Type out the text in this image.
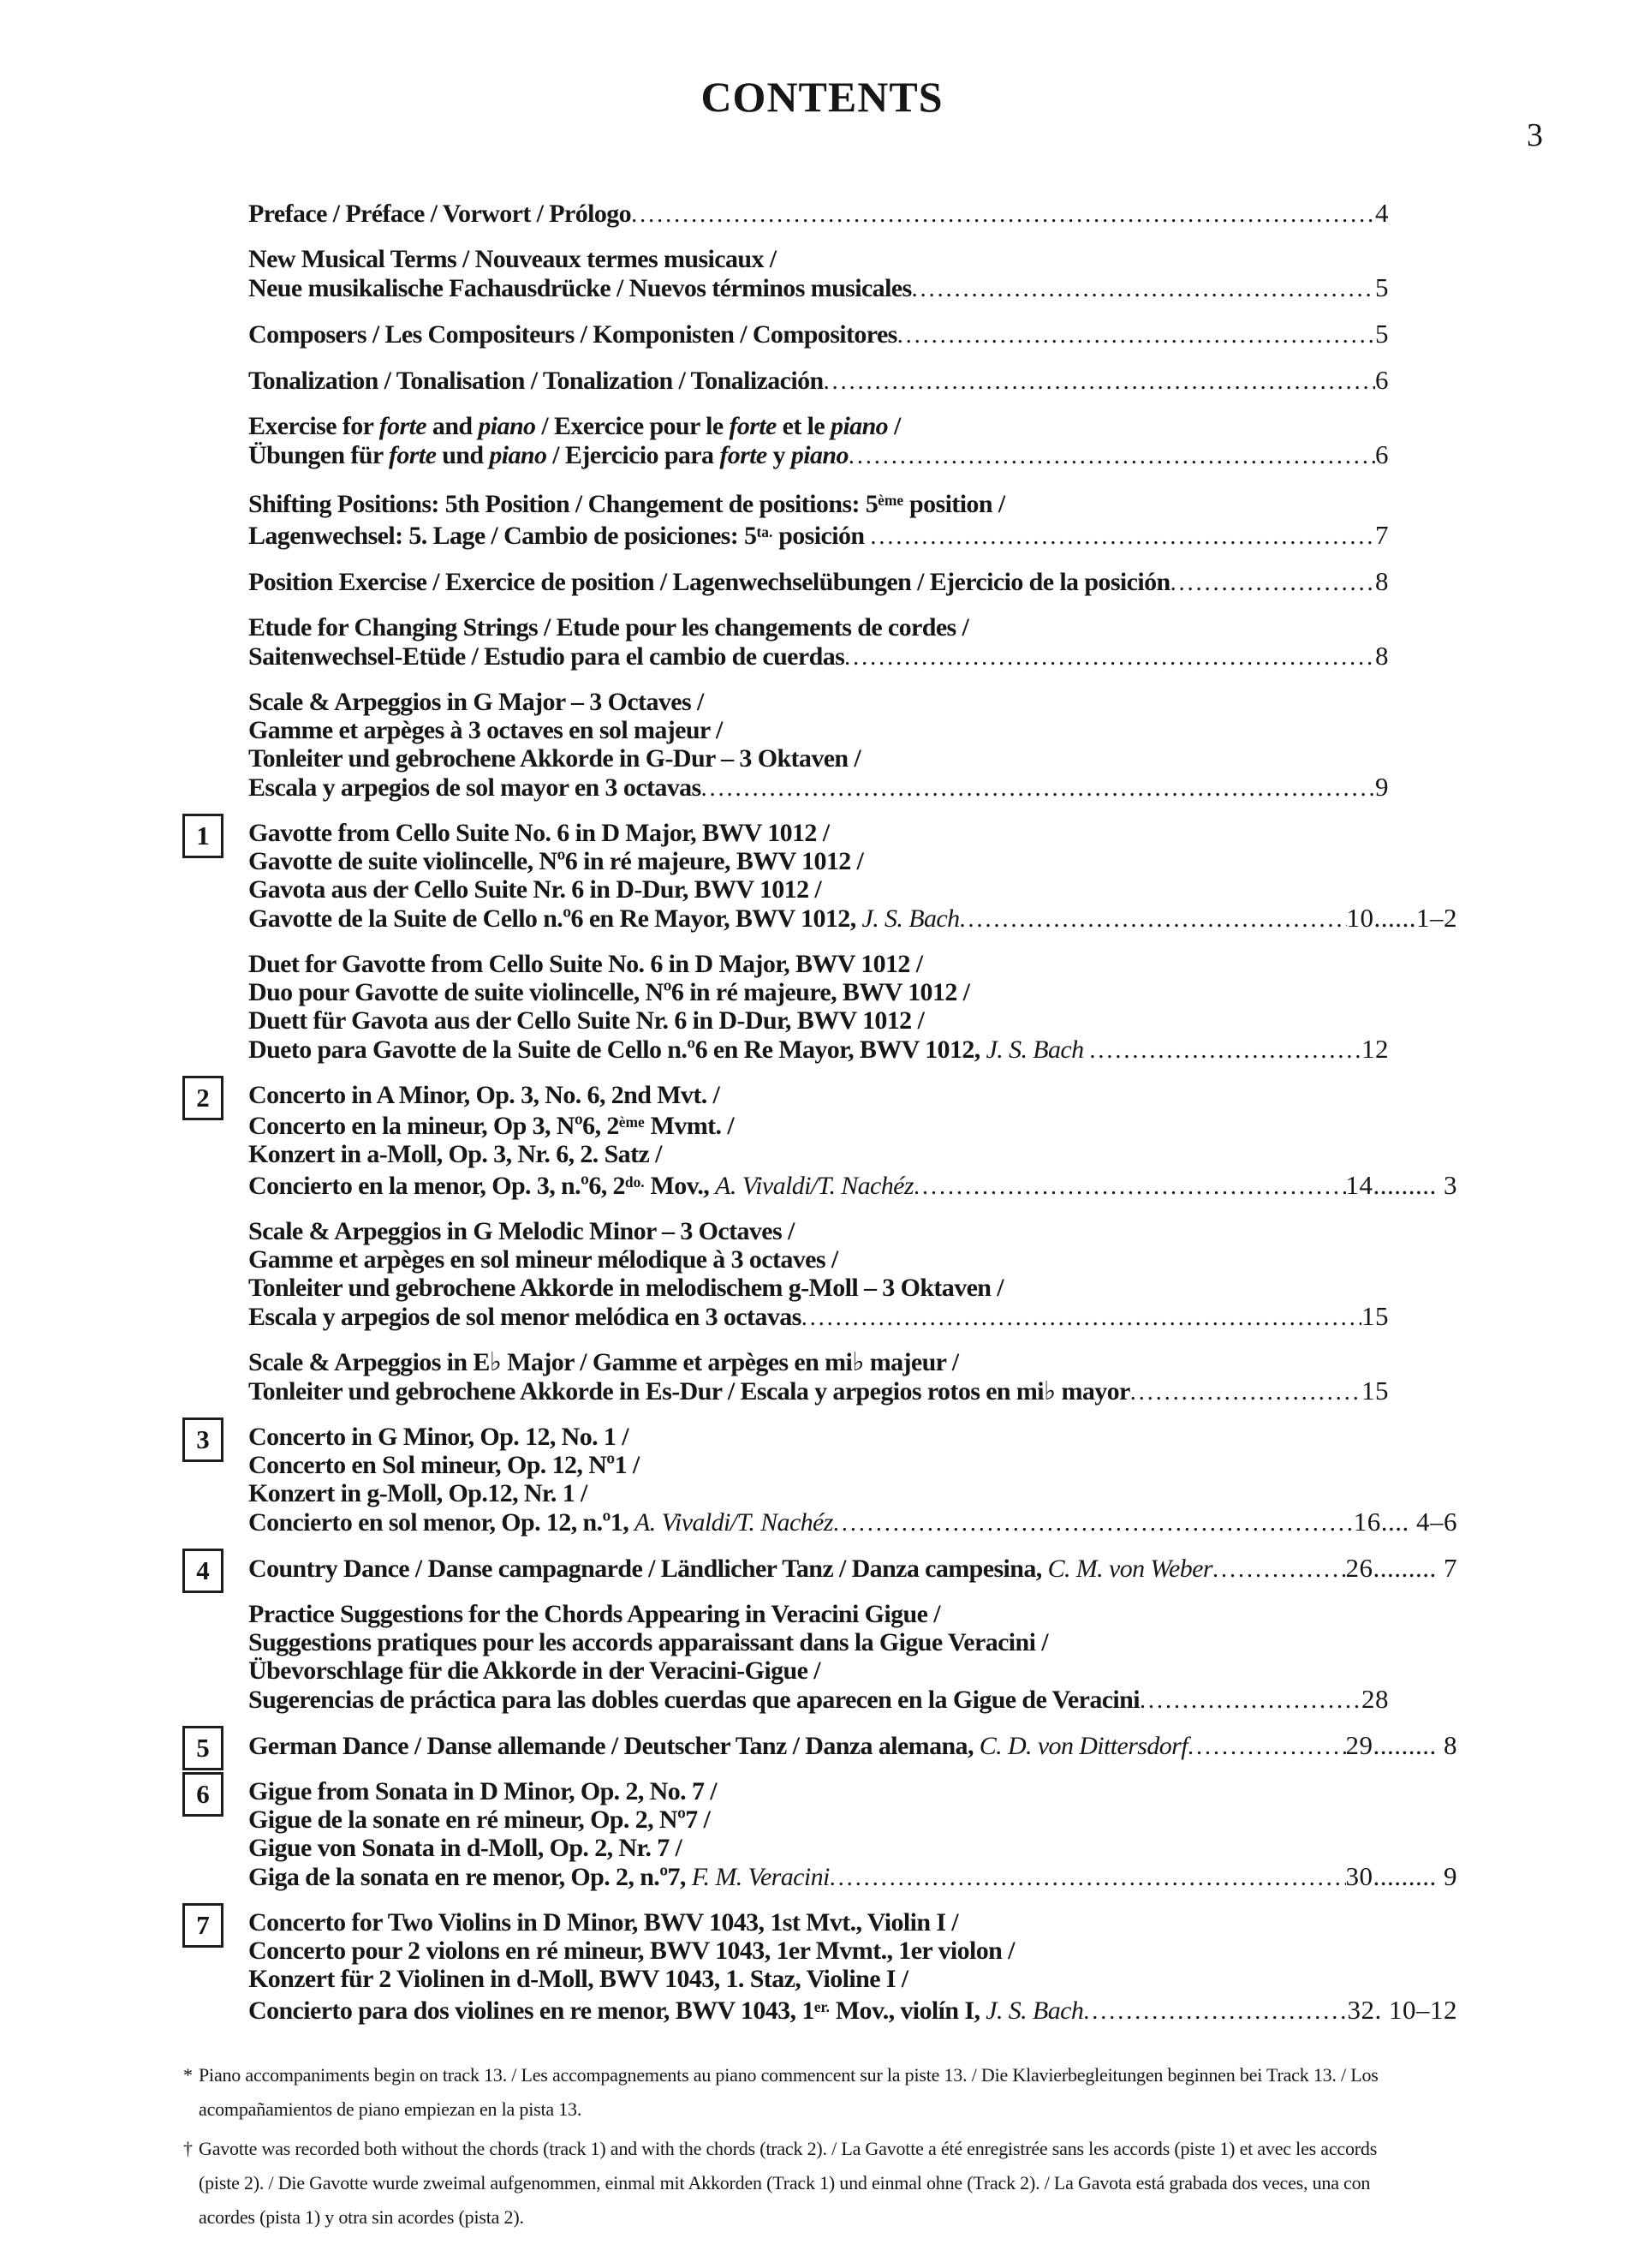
3
CONTENTS
Preface / Préface / Vorwort / Prólogo .....	4
New Musical Terms / Nouveaux termes musicaux /
Neue musikalische Fachausdrücke / Nuevos términos musicales .....	5
Composers / Les Compositeurs / Komponisten / Compositores .....	5
Tonalization / Tonalisation / Tonalization / Tonalización .....	6
Exercise for forte and piano / Exercice pour le forte et le piano /
Übungen für forte und piano / Ejercicio para forte y piano .....	6
Shifting Positions: 5th Position / Changement de positions: 5ème position /
Lagenwechsel: 5. Lage / Cambio de posiciones: $5^{ta.}$ posición .....	7
Position Exercise / Exercice de position / Lagenwechselübungen / Ejercicio de la posición .....	8
Etude for Changing Strings / Etude pour les changements de cordes /
Saitenwechsel-Etüde / Estudio para el cambio de cuerdas .....	8
Scale & Arpeggios in G Major – 3 Octaves /
Gamme et arpèges à 3 octaves en sol majeur /
Tonleiter und gebrochene Akkorde in G-Dur – 3 Oktaven /
Escala y arpegios de sol mayor en 3 octavas .....	9
1	Gavotte from Cello Suite No. 6 in D Major, BWV 1012 /
Gavotte de suite violincelle, Nº6 in ré majeure, BWV 1012 /
Gavota aus der Cello Suite Nr. 6 in D-Dur, BWV 1012 /
Gavotte de la Suite de Cello n.º6 en Re Mayor, BWV 1012, J. S. Bach .....	10......1–2
Duet for Gavotte from Cello Suite No. 6 in D Major, BWV 1012 /
Duo pour Gavotte de suite violincelle, Nº6 in ré majeure, BWV 1012 /
Duett für Gavota aus der Cello Suite Nr. 6 in D-Dur, BWV 1012 /
Dueto para Gavotte de la Suite de Cello n.º6 en Re Mayor, BWV 1012, J. S. Bach .....	12
2	Concerto in A Minor, Op. 3, No. 6, 2nd Mvt. /
Concerto en la mineur, Op 3, Nº6, 2ème Mvmt. /
Konzert in a-Moll, Op. 3, Nr. 6, 2. Satz /
Concierto en la menor, Op. 3, n.º6, $2^{do.}$ Mov., A. Vivaldi/T. Nachéz .....	14......... 3
Scale & Arpeggios in G Melodic Minor – 3 Octaves /
Gamme et arpèges en sol mineur mélodique à 3 octaves /
Tonleiter und gebrochene Akkorde in melodischem g-Moll – 3 Oktaven /
Escala y arpegios de sol menor melódica en 3 octavas .....	15
Scale & Arpeggios in E♭ Major / Gamme et arpèges en mi♭ majeur /
Tonleiter und gebrochene Akkorde in Es-Dur / Escala y arpegios rotos en mi♭ mayor .....	15
3	Concerto in G Minor, Op. 12, No. 1 /
Concerto en Sol mineur, Op. 12, Nº1 /
Konzert in g-Moll, Op.12, Nr. 1 /
Concierto en sol menor, Op. 12, n.º1, A. Vivaldi/T. Nachéz .....	16.... 4–6
4	Country Dance / Danse campagnarde / Ländlicher Tanz / Danza campesina, C. M. von Weber .....	26......... 7
Practice Suggestions for the Chords Appearing in Veracini Gigue /
Suggestions pratiques pour les accords apparaissant dans la Gigue Veracini /
Übevorschlage für die Akkorde in der Veracini-Gigue /
Sugerencias de práctica para las dobles cuerdas que aparecen en la Gigue de Veracini .....	28
5	German Dance / Danse allemande / Deutscher Tanz / Danza alemana, C. D. von Dittersdorf .....	29......... 8
6	Gigue from Sonata in D Minor, Op. 2, No. 7 /
Gigue de la sonate en ré mineur, Op. 2, Nº7 /
Gigue von Sonata in d-Moll, Op. 2, Nr. 7 /
Giga de la sonata en re menor, Op. 2, n.º7, F. M. Veracini .....	30......... 9
7	Concerto for Two Violins in D Minor, BWV 1043, 1st Mvt., Violin I /
Concerto pour 2 violons en ré mineur, BWV 1043, 1er Mvmt., 1er violon /
Konzert für 2 Violinen in d-Moll, BWV 1043, 1. Staz, Violine I /
Concierto para dos violines en re menor, BWV 1043, $1^{er.}$ Mov., violín I, J. S. Bach .....	32. 10–12
* Piano accompaniments begin on track 13. / Les accompagnements au piano commencent sur la piste 13. / Die Klavierbegleitungen beginnen bei Track 13. / Los
acompañamientos de piano empiezan en la pista 13.
† Gavotte was recorded both without the chords (track 1) and with the chords (track 2). / La Gavotte a été enregistrée sans les accords (piste 1) et avec les accords
(piste 2). / Die Gavotte wurde zweimal aufgenommen, einmal mit Akkorden (Track 1) und einmal ohne (Track 2). / La Gavota está grabada dos veces, una con
acordes (pista 1) y otra sin acordes (pista 2).
